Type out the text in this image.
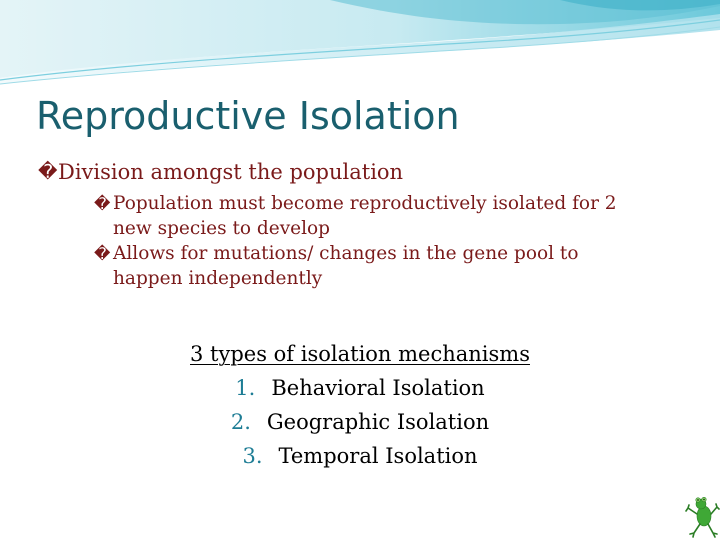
Reproductive Isolation
� Division amongst the population
� Population must become reproductively isolated for 2
new species to develop
� Allows for mutations/ changes in the gene pool to
happen independently
3 types of isolation mechanisms
1. Behavioral Isolation
2. Geographic Isolation
3. Temporal Isolation
